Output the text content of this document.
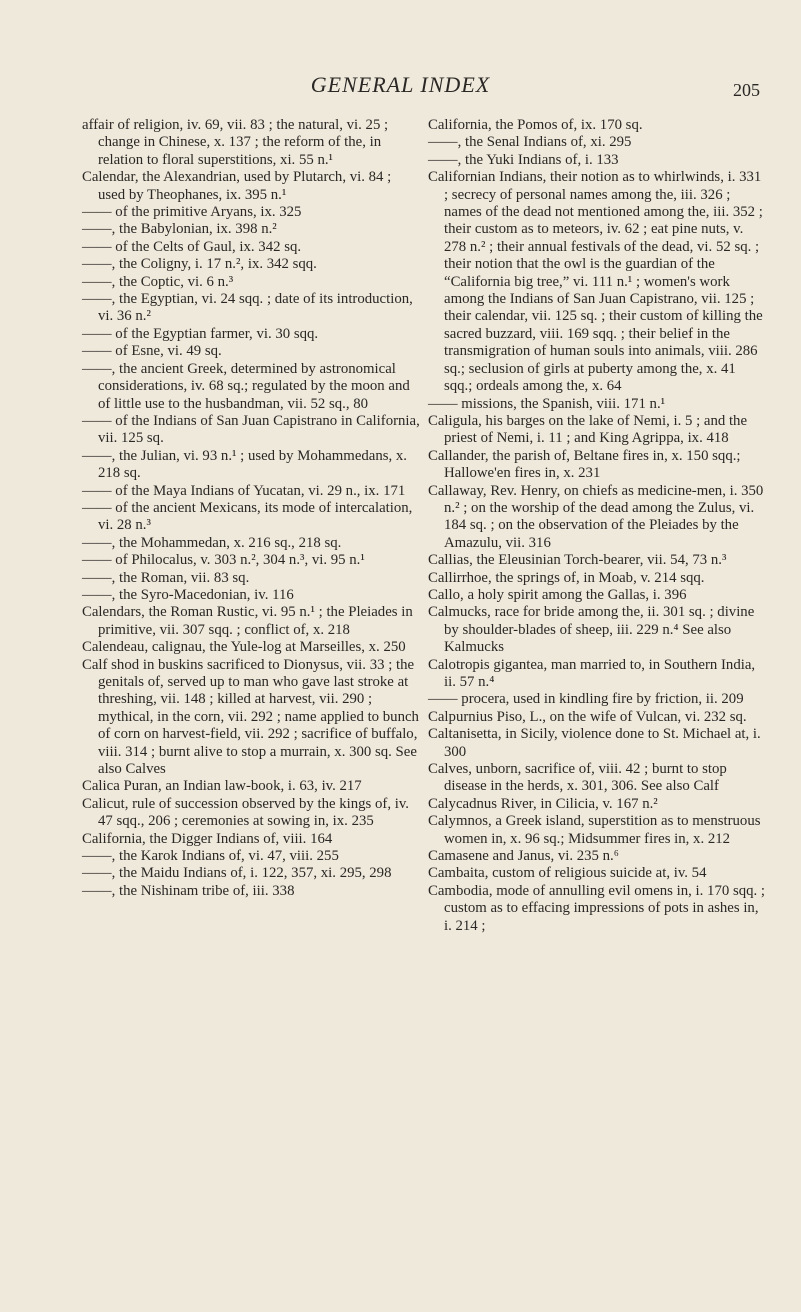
GENERAL INDEX	205

affair of religion, iv. 69, vii. 83 ; the natural, vi. 25 ; change in Chinese, x. 137 ; the reform of the, in relation to floral superstitions, xi. 55 n.¹

Calendar, the Alexandrian, used by Plutarch, vi. 84 ; used by Theophanes, ix. 395 n.¹

—— of the primitive Aryans, ix. 325

——, the Babylonian, ix. 398 n.²

—— of the Celts of Gaul, ix. 342 sq.

——, the Coligny, i. 17 n.², ix. 342 sqq.

——, the Coptic, vi. 6 n.³

——, the Egyptian, vi. 24 sqq. ; date of its introduction, vi. 36 n.²

—— of the Egyptian farmer, vi. 30 sqq.

—— of Esne, vi. 49 sq.

——, the ancient Greek, determined by astronomical considerations, iv. 68 sq.; regulated by the moon and of little use to the husbandman, vii. 52 sq., 80

—— of the Indians of San Juan Capistrano in California, vii. 125 sq.

——, the Julian, vi. 93 n.¹ ; used by Mohammedans, x. 218 sq.

—— of the Maya Indians of Yucatan, vi. 29 n., ix. 171

—— of the ancient Mexicans, its mode of intercalation, vi. 28 n.³

——, the Mohammedan, x. 216 sq., 218 sq.

—— of Philocalus, v. 303 n.², 304 n.³, vi. 95 n.¹

——, the Roman, vii. 83 sq.

——, the Syro-Macedonian, iv. 116

Calendars, the Roman Rustic, vi. 95 n.¹ ; the Pleiades in primitive, vii. 307 sqq. ; conflict of, x. 218

Calendeau, calignau, the Yule-log at Marseilles, x. 250

Calf shod in buskins sacrificed to Dionysus, vii. 33 ; the genitals of, served up to man who gave last stroke at threshing, vii. 148 ; killed at harvest, vii. 290 ; mythical, in the corn, vii. 292 ; name applied to bunch of corn on harvest-field, vii. 292 ; sacrifice of buffalo, viii. 314 ; burnt alive to stop a murrain, x. 300 sq. See also Calves

Calica Puran, an Indian law-book, i. 63, iv. 217

Calicut, rule of succession observed by the kings of, iv. 47 sqq., 206 ; ceremonies at sowing in, ix. 235

California, the Digger Indians of, viii. 164

——, the Karok Indians of, vi. 47, viii. 255

——, the Maidu Indians of, i. 122, 357, xi. 295, 298

——, the Nishinam tribe of, iii. 338

California, the Pomos of, ix. 170 sq.

——, the Senal Indians of, xi. 295

——, the Yuki Indians of, i. 133

Californian Indians, their notion as to whirlwinds, i. 331 ; secrecy of personal names among the, iii. 326 ; names of the dead not mentioned among the, iii. 352 ; their custom as to meteors, iv. 62 ; eat pine nuts, v. 278 n.² ; their annual festivals of the dead, vi. 52 sq. ; their notion that the owl is the guardian of the “California big tree,” vi. 111 n.¹ ; women's work among the Indians of San Juan Capistrano, vii. 125 ; their calendar, vii. 125 sq. ; their custom of killing the sacred buzzard, viii. 169 sqq. ; their belief in the transmigration of human souls into animals, viii. 286 sq.; seclusion of girls at puberty among the, x. 41 sqq.; ordeals among the, x. 64

—— missions, the Spanish, viii. 171 n.¹

Caligula, his barges on the lake of Nemi, i. 5 ; and the priest of Nemi, i. 11 ; and King Agrippa, ix. 418

Callander, the parish of, Beltane fires in, x. 150 sqq.; Hallowe'en fires in, x. 231

Callaway, Rev. Henry, on chiefs as medicine-men, i. 350 n.² ; on the worship of the dead among the Zulus, vi. 184 sq. ; on the observation of the Pleiades by the Amazulu, vii. 316

Callias, the Eleusinian Torch-bearer, vii. 54, 73 n.³

Callirrhoe, the springs of, in Moab, v. 214 sqq.

Callo, a holy spirit among the Gallas, i. 396

Calmucks, race for bride among the, ii. 301 sq. ; divine by shoulder-blades of sheep, iii. 229 n.⁴ See also Kalmucks

Calotropis gigantea, man married to, in Southern India, ii. 57 n.⁴

—— procera, used in kindling fire by friction, ii. 209

Calpurnius Piso, L., on the wife of Vulcan, vi. 232 sq.

Caltanisetta, in Sicily, violence done to St. Michael at, i. 300

Calves, unborn, sacrifice of, viii. 42 ; burnt to stop disease in the herds, x. 301, 306. See also Calf

Calycadnus River, in Cilicia, v. 167 n.²

Calymnos, a Greek island, superstition as to menstruous women in, x. 96 sq.; Midsummer fires in, x. 212

Camasene and Janus, vi. 235 n.⁶

Cambaita, custom of religious suicide at, iv. 54

Cambodia, mode of annulling evil omens in, i. 170 sqq. ; custom as to effacing impressions of pots in ashes in, i. 214 ;
